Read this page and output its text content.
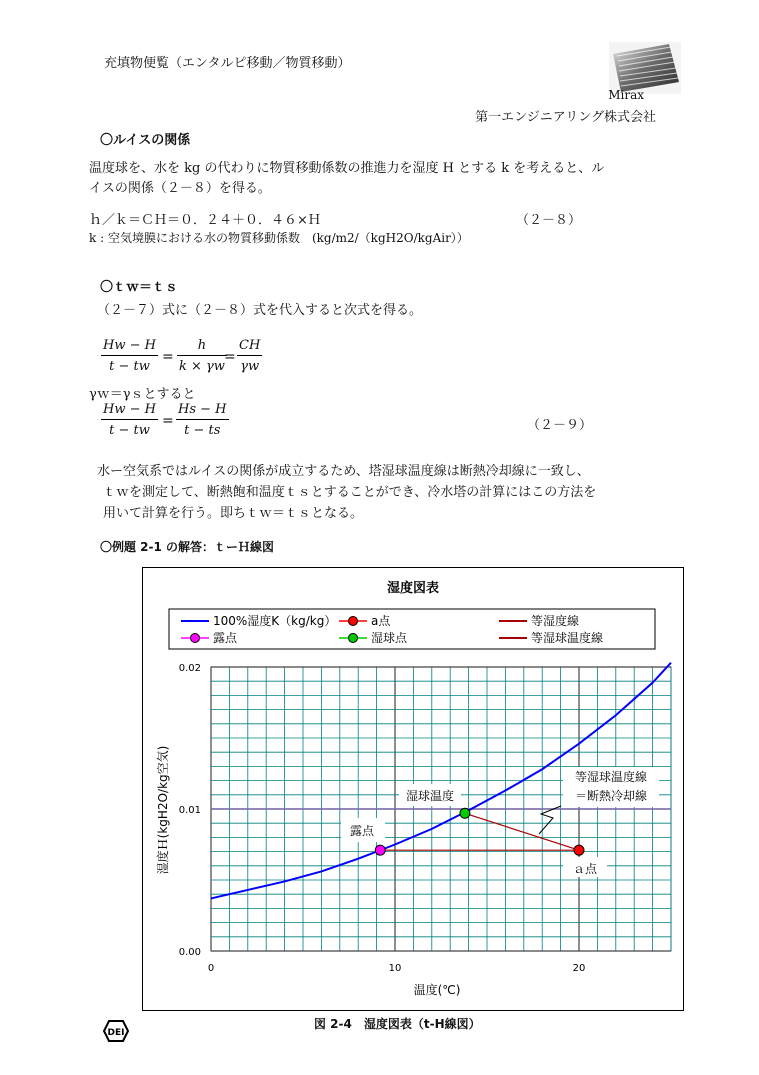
充填物便覧（エンタルピ移動／物質移動）
Mirax
第一エンジニアリング株式会社
〇ルイスの関係
温度球を、水を kg の代わりに物質移動係数の推進力を湿度 H とする k を考えると、ル
イスの関係（２－８）を得る。
ｈ／ｋ＝ＣＨ＝０．２４＋０．４６×Ｈ	（２－８）
k : 空気境膜における水の物質移動係数　(kg/m2/（kgH2O/kgAir））
〇ｔｗ＝ｔｓ
（２－７）式に（２－８）式を代入すると次式を得る。
$\frac{Hw - H}{t - tw} = \frac{h}{k \times \gamma w}$
= $\frac{CH}{\gamma w}$
γｗ＝γｓとすると
$\frac{Hw - H}{t - tw} = \frac{Hs - H}{t - ts}$	（２－９）
水ー空気系ではルイスの関係が成立するため、塔湿球温度線は断熱冷却線に一致し、
ｔｗを測定して、断熱飽和温度ｔｓとすることができ、冷水塔の計算にはこの方法を
用いて計算を行う。即ちｔｗ＝ｔｓとなる。
〇例題 2-1 の解答：ｔーＨ線図
湿度図表
100%湿度K（kg/kg）	a点	等湿度線
露点	湿球点	等湿球温度線
0	10	20
0.00
0.01
0.02
湿球温度
露点
ａ点
等湿球温度線
＝断熱冷却線
温度(℃)
湿度Ｈ(kgH2O/kg空気)
図 2-4　湿度図表（t-H線図）
DEI
